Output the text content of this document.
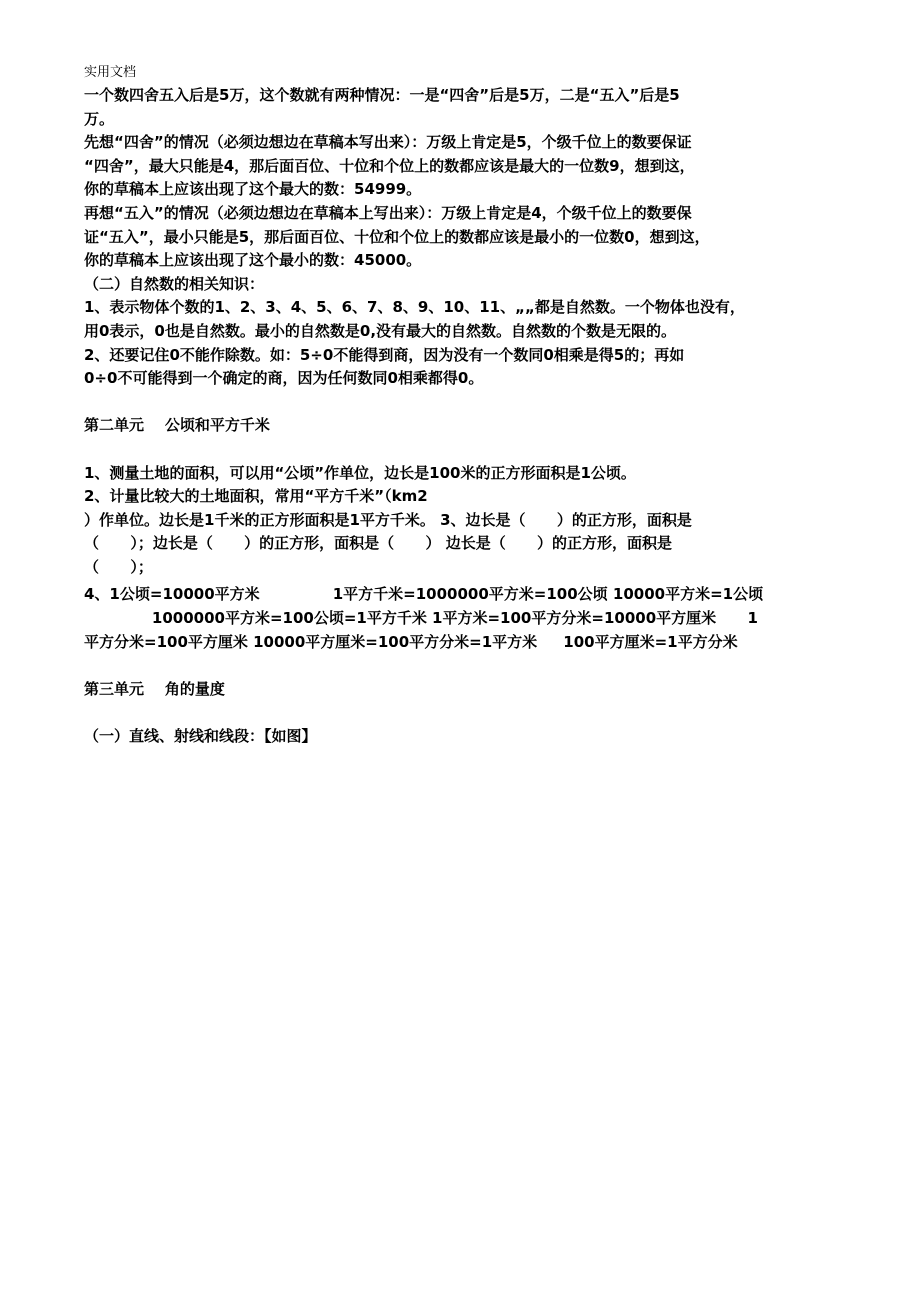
实用文档
一个数四舍五入后是5万，这个数就有两种情况：一是“四舍”后是5万，二是“五入”后是5
万。
先想“四舍”的情况（必须边想边在草稿本写出来）：万级上肯定是5，个级千位上的数要保证
“四舍”，最大只能是4，那后面百位、十位和个位上的数都应该是最大的一位数9，想到这，
你的草稿本上应该出现了这个最大的数：54999。
再想“五入”的情况（必须边想边在草稿本上写出来）：万级上肯定是4，个级千位上的数要保
证“五入”，最小只能是5，那后面百位、十位和个位上的数都应该是最小的一位数0，想到这，
你的草稿本上应该出现了这个最小的数：45000。
（二）自然数的相关知识：
1、表示物体个数的1、2、3、4、5、6、7、8、9、10、11、„„都是自然数。一个物体也没有，
用0表示，0也是自然数。最小的自然数是0,没有最大的自然数。自然数的个数是无限的。
2、还要记住0不能作除数。如：5÷0不能得到商，因为没有一个数同0相乘是得5的；再如
0÷0不可能得到一个确定的商，因为任何数同0相乘都得0。
第二单元    公顷和平方千米
1、测量土地的面积，可以用“公顷”作单位，边长是100米的正方形面积是1公顷。
2、计量比较大的土地面积，常用“平方千米”（km2
）作单位。边长是1千米的正方形面积是1平方千米。 3、边长是（      ）的正方形，面积是
（      ）；边长是（      ）的正方形，面积是（      ） 边长是（      ）的正方形，面积是
（      ）；
4、1公顷=10000平方米              1平方千米=1000000平方米=100公顷 10000平方米=1公顷
1000000平方米=100公顷=1平方千米 1平方米=100平方分米=10000平方厘米      1
平方分米=100平方厘米 10000平方厘米=100平方分米=1平方米     100平方厘米=1平方分米
第三单元    角的量度
（一）直线、射线和线段：【如图】
